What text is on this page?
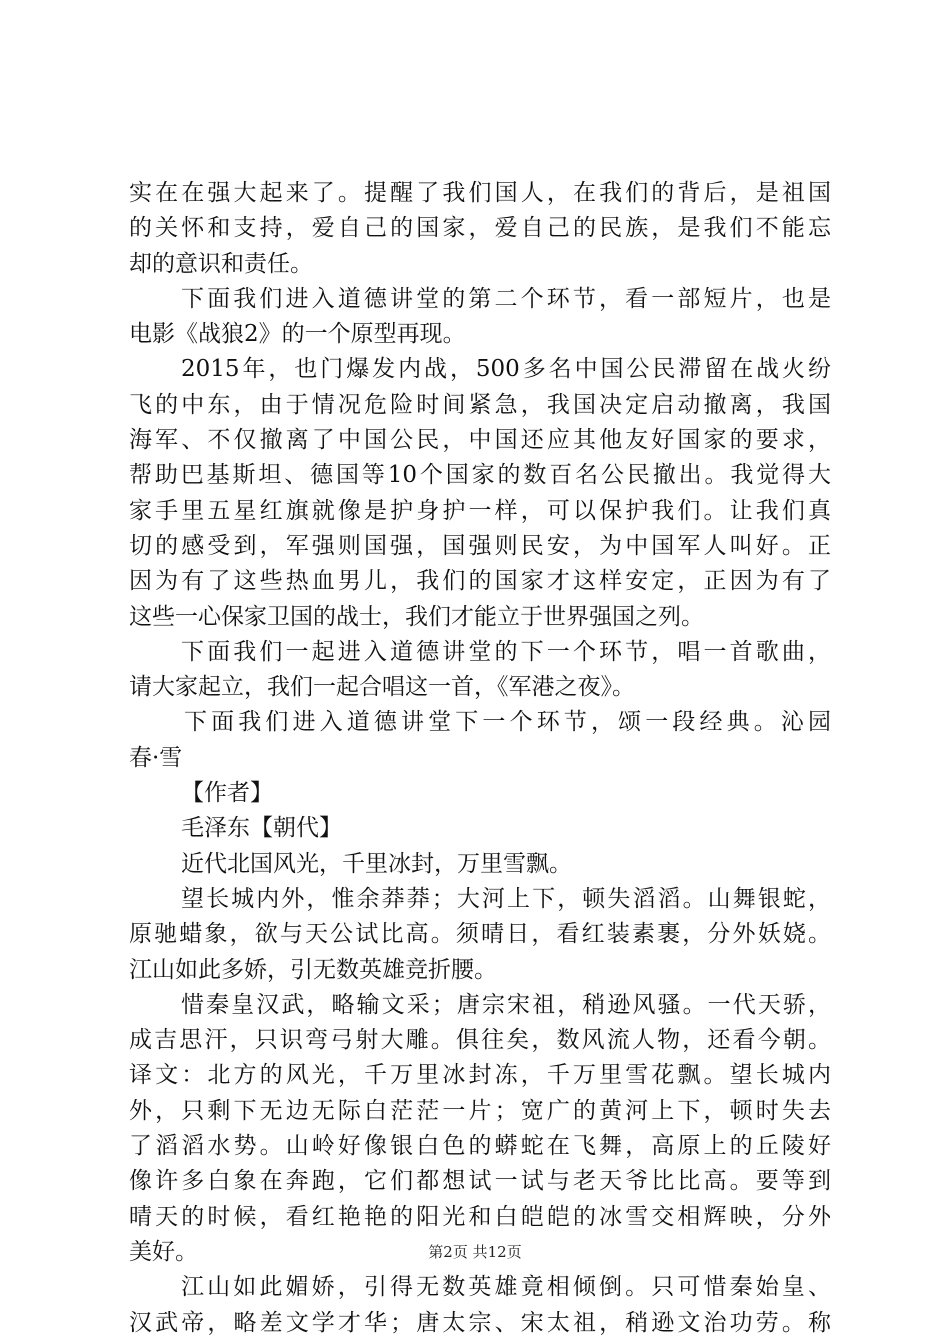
实在在强大起来了。提醒了我们国人，在我们的背后，是祖国
的关怀和支持，爱自己的国家，爱自己的民族，是我们不能忘
却的意识和责任。
下面我们进入道德讲堂的第二个环节，看一部短片，也是
电影《战狼2》的一个原型再现。
2015年，也门爆发内战，500多名中国公民滞留在战火纷
飞的中东，由于情况危险时间紧急，我国决定启动撤离，我国
海军、不仅撤离了中国公民，中国还应其他友好国家的要求，
帮助巴基斯坦、德国等10个国家的数百名公民撤出。我觉得大
家手里五星红旗就像是护身护一样，可以保护我们。让我们真
切的感受到，军强则国强，国强则民安，为中国军人叫好。正
因为有了这些热血男儿，我们的国家才这样安定，正因为有了
这些一心保家卫国的战士，我们才能立于世界强国之列。
下面我们一起进入道德讲堂的下一个环节，唱一首歌曲，
请大家起立，我们一起合唱这一首，《军港之夜》。
下面我们进入道德讲堂下一个环节，颂一段经典。沁园
春·雪
【作者】
毛泽东【朝代】
近代北国风光，千里冰封，万里雪飘。
望长城内外，惟余莽莽；大河上下，顿失滔滔。山舞银蛇，
原驰蜡象，欲与天公试比高。须晴日，看红装素裹，分外妖娆。
江山如此多娇，引无数英雄竞折腰。
惜秦皇汉武，略输文采；唐宗宋祖，稍逊风骚。一代天骄，
成吉思汗，只识弯弓射大雕。俱往矣，数风流人物，还看今朝。
译文：北方的风光，千万里冰封冻，千万里雪花飘。望长城内
外，只剩下无边无际白茫茫一片；宽广的黄河上下，顿时失去
了滔滔水势。山岭好像银白色的蟒蛇在飞舞，高原上的丘陵好
像许多白象在奔跑，它们都想试一试与老天爷比比高。要等到
晴天的时候，看红艳艳的阳光和白皑皑的冰雪交相辉映，分外
美好。
江山如此媚娇，引得无数英雄竟相倾倒。只可惜秦始皇、
汉武帝，略差文学才华；唐太宗、宋太祖，稍逊文治功劳。称
第2页 共12页
